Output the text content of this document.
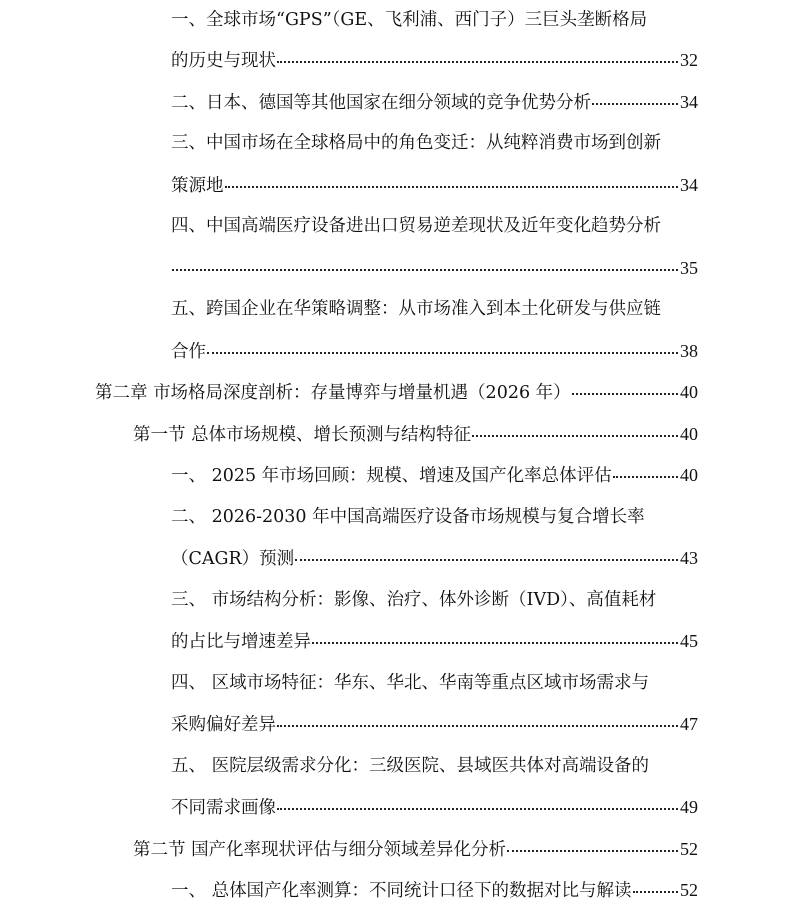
一、全球市场“GPS”（GE、飞利浦、西门子）三巨头垄断格局
的历史与现状	32
二、日本、德国等其他国家在细分领域的竞争优势分析	34
三、中国市场在全球格局中的角色变迁：从纯粹消费市场到创新
策源地	34
四、中国高端医疗设备进出口贸易逆差现状及近年变化趋势分析
35
五、跨国企业在华策略调整：从市场准入到本土化研发与供应链
合作	38
第二章 市场格局深度剖析：存量博弈与增量机遇（2026 年）	40
第一节 总体市场规模、增长预测与结构特征	40
一、 2025 年市场回顾：规模、增速及国产化率总体评估	40
二、 2026-2030 年中国高端医疗设备市场规模与复合增长率
（CAGR）预测	43
三、 市场结构分析：影像、治疗、体外诊断（IVD）、高值耗材
的占比与增速差异	45
四、 区域市场特征：华东、华北、华南等重点区域市场需求与
采购偏好差异	47
五、 医院层级需求分化：三级医院、县域医共体对高端设备的
不同需求画像	49
第二节 国产化率现状评估与细分领域差异化分析	52
一、 总体国产化率测算：不同统计口径下的数据对比与解读	52
